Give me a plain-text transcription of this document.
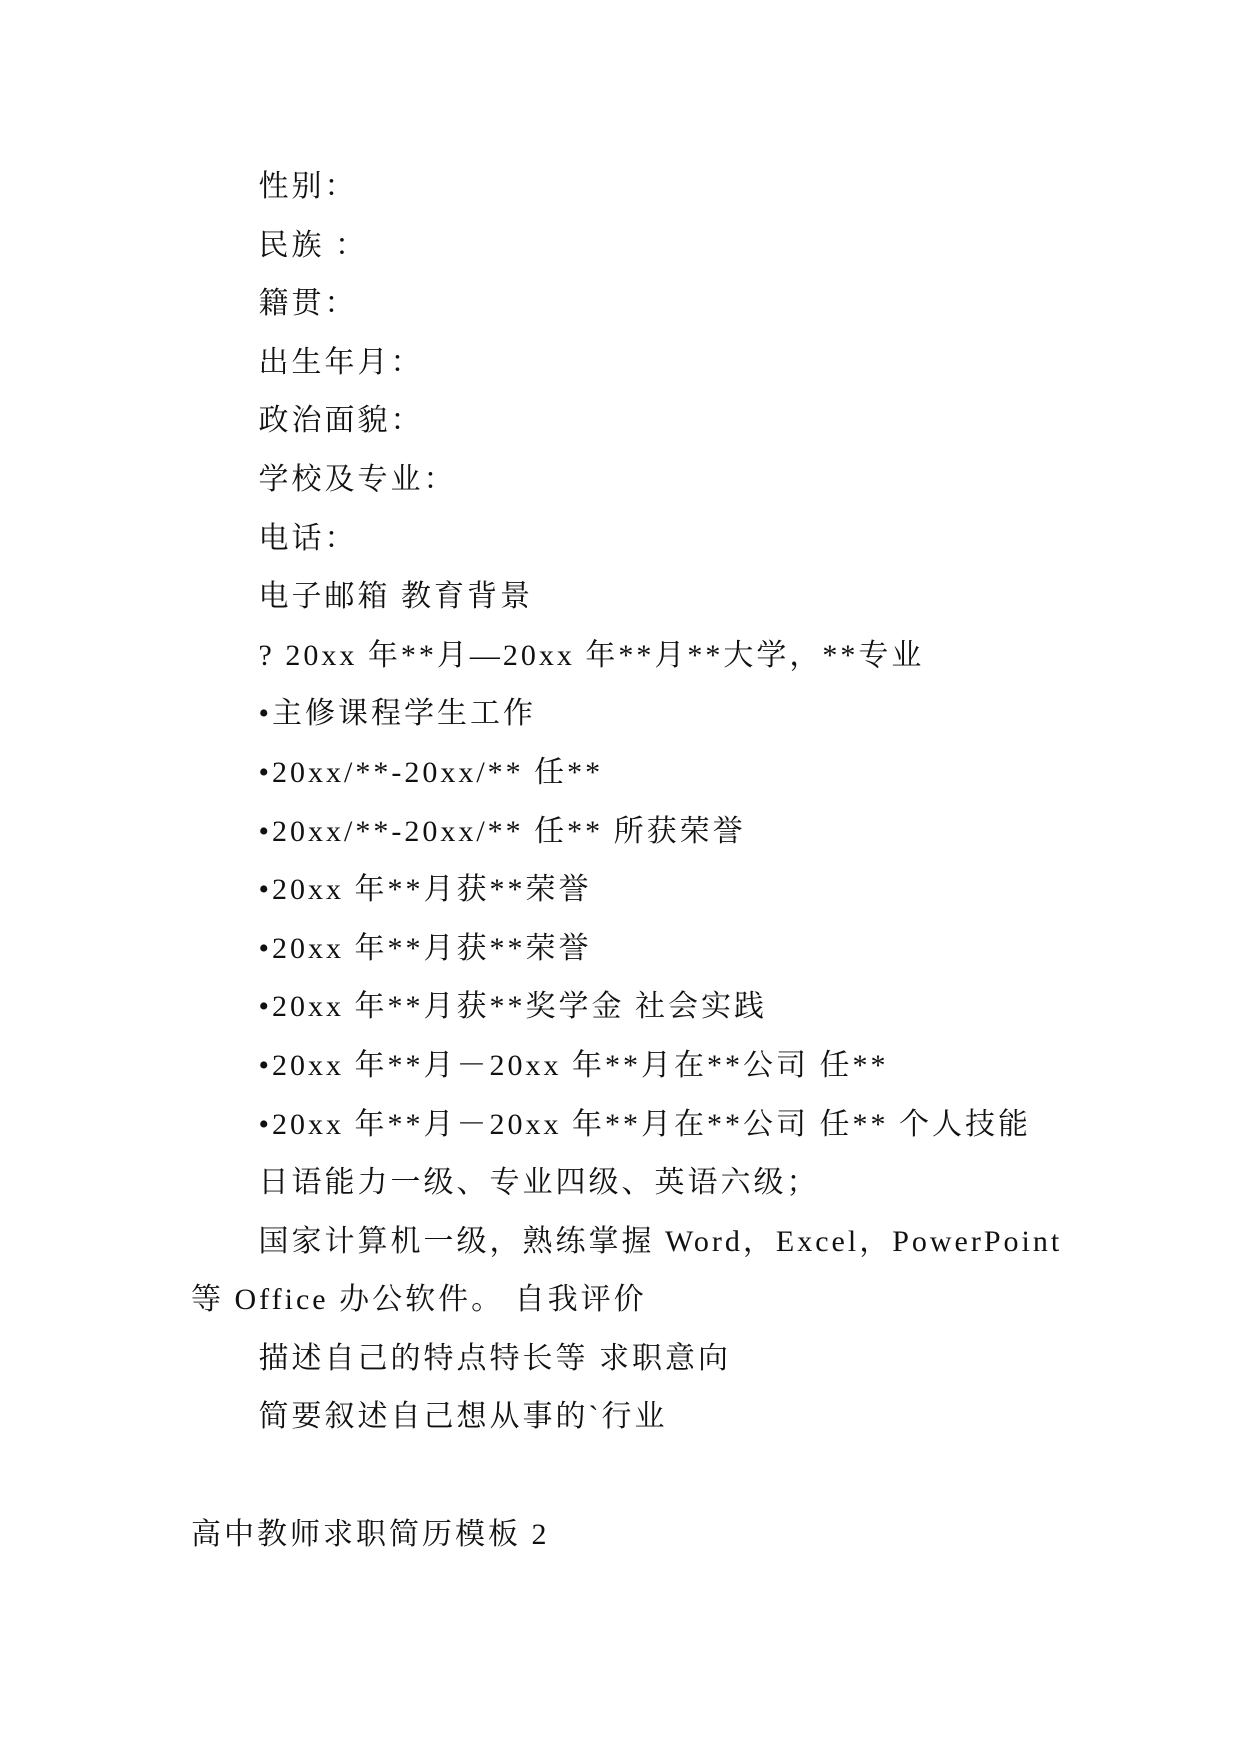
性别：

民族 ：

籍贯：

出生年月：

政治面貌：

学校及专业：

电话：

电子邮箱 教育背景

? 20xx 年**月—20xx 年**月**大学，**专业

•主修课程学生工作

•20xx/**-20xx/** 任**

•20xx/**-20xx/** 任** 所获荣誉

•20xx 年**月获**荣誉

•20xx 年**月获**荣誉

•20xx 年**月获**奖学金 社会实践

•20xx 年**月－20xx 年**月在**公司 任**

•20xx 年**月－20xx 年**月在**公司 任** 个人技能

日语能力一级、专业四级、英语六级；

国家计算机一级，熟练掌握 Word，Excel，PowerPoint

等 Office 办公软件。 自我评价

描述自己的特点特长等 求职意向

简要叙述自己想从事的`行业

高中教师求职简历模板 2
